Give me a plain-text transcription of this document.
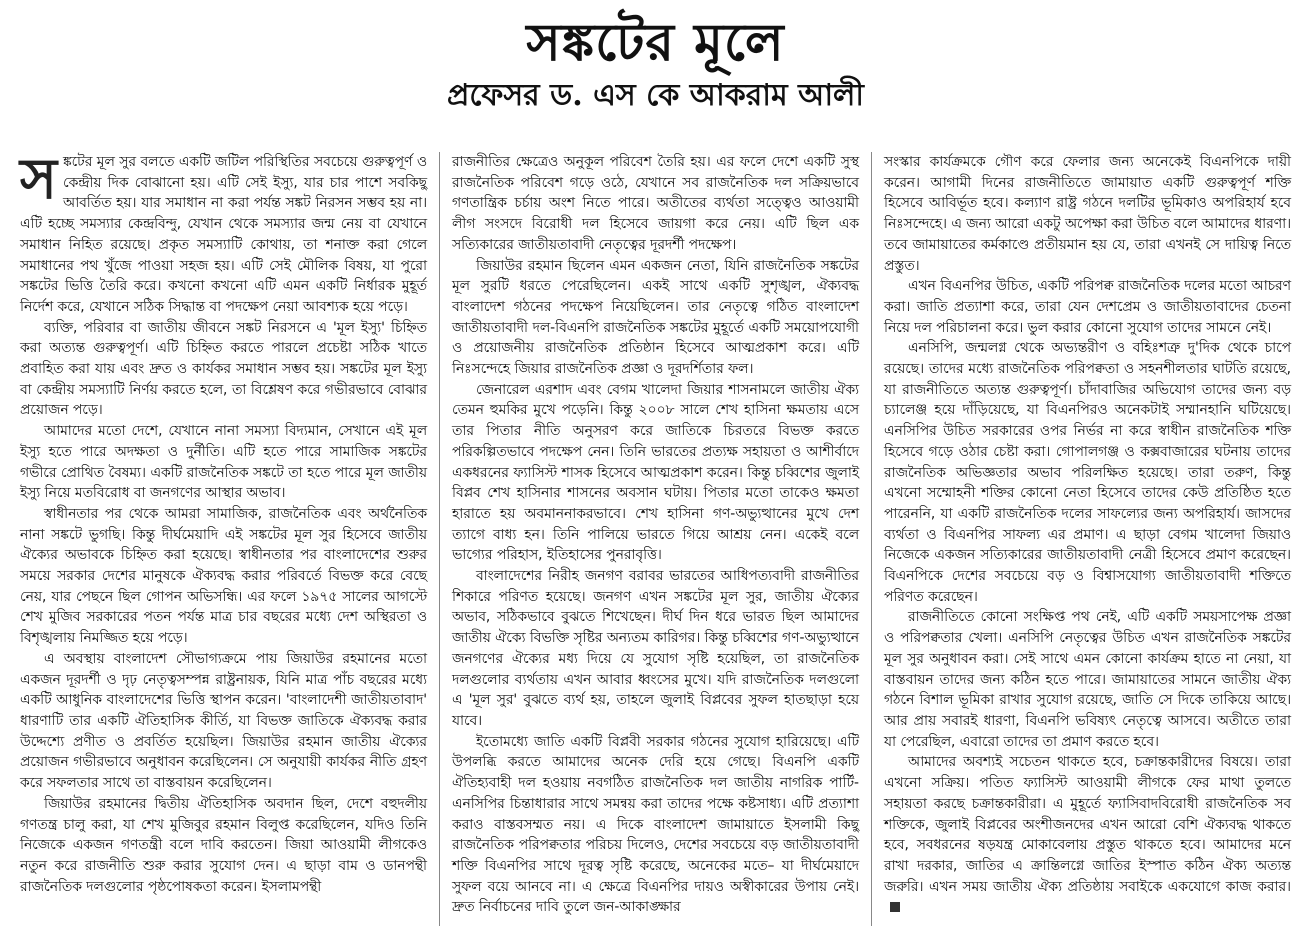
সঙ্কটের মূলে
প্রফেসর ড. এস কে আকরাম আলী
স ঙ্কটের মূল সুর বলতে একটি জটিল পরিস্থিতির সবচেয়ে গুরুত্বপূর্ণ ও কেন্দ্রীয় দিক বোঝানো হয়। এটি সেই ইস্যু, যার চার পাশে সবকিছু আবর্তিত হয়। যার সমাধান না করা পর্যন্ত সঙ্কট নিরসন সম্ভব হয় না। এটি হচ্ছে সমস্যার কেন্দ্রবিন্দু, যেখান থেকে সমস্যার জন্ম নেয় বা যেখানে সমাধান নিহিত রয়েছে। প্রকৃত সমস্যাটি কোথায়, তা শনাক্ত করা গেলে সমাধানের পথ খুঁজে পাওয়া সহজ হয়। এটি সেই মৌলিক বিষয়, যা পুরো সঙ্কটের ভিত্তি তৈরি করে। কখনো কখনো এটি এমন একটি নির্ধারক মুহূর্ত নির্দেশ করে, যেখানে সঠিক সিদ্ধান্ত বা পদক্ষেপ নেয়া আবশ্যক হয়ে পড়ে।

ব্যক্তি, পরিবার বা জাতীয় জীবনে সঙ্কট নিরসনে এ 'মূল ইস্যু' চিহ্নিত করা অত্যন্ত গুরুত্বপূর্ণ। এটি চিহ্নিত করতে পারলে প্রচেষ্টা সঠিক খাতে প্রবাহিত করা যায় এবং দ্রুত ও কার্যকর সমাধান সম্ভব হয়। সঙ্কটের মূল ইস্যু বা কেন্দ্রীয় সমস্যাটি নির্ণয় করতে হলে, তা বিশ্লেষণ করে গভীরভাবে বোঝার প্রয়োজন পড়ে।

আমাদের মতো দেশে, যেখানে নানা সমস্যা বিদ্যমান, সেখানে এই মূল ইস্যু হতে পারে অদক্ষতা ও দুর্নীতি। এটি হতে পারে সামাজিক সঙ্কটের গভীরে প্রোথিত বৈষম্য। একটি রাজনৈতিক সঙ্কটে তা হতে পারে মূল জাতীয় ইস্যু নিয়ে মতবিরোধ বা জনগণের আস্থার অভাব।

স্বাধীনতার পর থেকে আমরা সামাজিক, রাজনৈতিক এবং অর্থনৈতিক নানা সঙ্কটে ভুগছি। কিন্তু দীর্ঘমেয়াদি এই সঙ্কটের মূল সুর হিসেবে জাতীয় ঐক্যের অভাবকে চিহ্নিত করা হয়েছে। স্বাধীনতার পর বাংলাদেশের শুরুর সময়ে সরকার দেশের মানুষকে ঐক্যবদ্ধ করার পরিবর্তে বিভক্ত করে বেছে নেয়, যার পেছনে ছিল গোপন অভিসন্ধি। এর ফলে ১৯৭৫ সালের আগস্টে শেখ মুজিব সরকারের পতন পর্যন্ত মাত্র চার বছরের মধ্যে দেশ অস্থিরতা ও বিশৃঙ্খলায় নিমজ্জিত হয়ে পড়ে।

এ অবস্থায় বাংলাদেশ সৌভাগ্যক্রমে পায় জিয়াউর রহমানের মতো একজন দূরদর্শী ও দৃঢ় নেতৃত্বসম্পন্ন রাষ্ট্রনায়ক, যিনি মাত্র পাঁচ বছরের মধ্যে একটি আধুনিক বাংলাদেশের ভিত্তি স্থাপন করেন। 'বাংলাদেশী জাতীয়তাবাদ' ধারণাটি তার একটি ঐতিহাসিক কীর্তি, যা বিভক্ত জাতিকে ঐক্যবদ্ধ করার উদ্দেশ্যে প্রণীত ও প্রবর্তিত হয়েছিল। জিয়াউর রহমান জাতীয় ঐক্যের প্রয়োজন গভীরভাবে অনুধাবন করেছিলেন। সে অনুযায়ী কার্যকর নীতি গ্রহণ করে সফলতার সাথে তা বাস্তবায়ন করেছিলেন।

জিয়াউর রহমানের দ্বিতীয় ঐতিহাসিক অবদান ছিল, দেশে বহুদলীয় গণতন্ত্র চালু করা, যা শেখ মুজিবুর রহমান বিলুপ্ত করেছিলেন, যদিও তিনি নিজেকে একজন গণতন্ত্রী বলে দাবি করতেন। জিয়া আওয়ামী লীগকেও নতুন করে রাজনীতি শুরু করার সুযোগ দেন। এ ছাড়া বাম ও ডানপন্থী রাজনৈতিক দলগুলোর পৃষ্ঠপোষকতা করেন। ইসলামপন্থী

রাজনীতির ক্ষেত্রেও অনুকূল পরিবেশ তৈরি হয়। এর ফলে দেশে একটি সুস্থ রাজনৈতিক পরিবেশ গড়ে ওঠে, যেখানে সব রাজনৈতিক দল সক্রিয়ভাবে গণতান্ত্রিক চর্চায় অংশ নিতে পারে। অতীতের ব্যর্থতা সত্ত্বেও আওয়ামী লীগ সংসদে বিরোধী দল হিসেবে জায়গা করে নেয়। এটি ছিল এক সত্যিকারের জাতীয়তাবাদী নেতৃত্বের দূরদর্শী পদক্ষেপ।

জিয়াউর রহমান ছিলেন এমন একজন নেতা, যিনি রাজনৈতিক সঙ্কটের মূল সুরটি ধরতে পেরেছিলেন। একই সাথে একটি সুশৃঙ্খল, ঐক্যবদ্ধ বাংলাদেশ গঠনের পদক্ষেপ নিয়েছিলেন। তার নেতৃত্বে গঠিত বাংলাদেশ জাতীয়তাবাদী দল-বিএনপি রাজনৈতিক সঙ্কটের মুহূর্তে একটি সময়োপযোগী ও প্রয়োজনীয় রাজনৈতিক প্রতিষ্ঠান হিসেবে আত্মপ্রকাশ করে। এটি নিঃসন্দেহে জিয়ার রাজনৈতিক প্রজ্ঞা ও দূরদর্শিতার ফল।

জেনারেল এরশাদ এবং বেগম খালেদা জিয়ার শাসনামলে জাতীয় ঐক্য তেমন হুমকির মুখে পড়েনি। কিন্তু ২০০৮ সালে শেখ হাসিনা ক্ষমতায় এসে তার পিতার নীতি অনুসরণ করে জাতিকে চিরতরে বিভক্ত করতে পরিকল্পিতভাবে পদক্ষেপ নেন। তিনি ভারতের প্রত্যক্ষ সহায়তা ও আশীর্বাদে একধরনের ফ্যাসিস্ট শাসক হিসেবে আত্মপ্রকাশ করেন। কিন্তু চব্বিশের জুলাই বিপ্লব শেখ হাসিনার শাসনের অবসান ঘটায়। পিতার মতো তাকেও ক্ষমতা হারাতে হয় অবমাননাকরভাবে। শেখ হাসিনা গণ-অভ্যুত্থানের মুখে দেশ ত্যাগে বাধ্য হন। তিনি পালিয়ে ভারতে গিয়ে আশ্রয় নেন। একেই বলে ভাগ্যের পরিহাস, ইতিহাসের পুনরাবৃত্তি।

বাংলাদেশের নিরীহ জনগণ বরাবর ভারতের আধিপত্যবাদী রাজনীতির শিকারে পরিণত হয়েছে। জনগণ এখন সঙ্কটের মূল সুর, জাতীয় ঐক্যের অভাব, সঠিকভাবে বুঝতে শিখেছেন। দীর্ঘ দিন ধরে ভারত ছিল আমাদের জাতীয় ঐক্যে বিভক্তি সৃষ্টির অন্যতম কারিগর। কিন্তু চব্বিশের গণ-অভ্যুত্থানে জনগণের ঐক্যের মধ্য দিয়ে যে সুযোগ সৃষ্টি হয়েছিল, তা রাজনৈতিক দলগুলোর ব্যর্থতায় এখন আবার ধ্বংসের মুখে। যদি রাজনৈতিক দলগুলো এ 'মূল সুর' বুঝতে ব্যর্থ হয়, তাহলে জুলাই বিপ্লবের সুফল হাতছাড়া হয়ে যাবে।

ইতোমধ্যে জাতি একটি বিপ্লবী সরকার গঠনের সুযোগ হারিয়েছে। এটি উপলব্ধি করতে আমাদের অনেক দেরি হয়ে গেছে। বিএনপি একটি ঐতিহ্যবাহী দল হওয়ায় নবগঠিত রাজনৈতিক দল জাতীয় নাগরিক পার্টি-এনসিপির চিন্তাধারার সাথে সমন্বয় করা তাদের পক্ষে কষ্টসাধ্য। এটি প্রত্যাশা করাও বাস্তবসম্মত নয়। এ দিকে বাংলাদেশ জামায়াতে ইসলামী কিছু রাজনৈতিক পরিপক্বতার পরিচয় দিলেও, দেশের সবচেয়ে বড় জাতীয়তাবাদী শক্তি বিএনপির সাথে দূরত্ব সৃষ্টি করেছে, অনেকের মতে– যা দীর্ঘমেয়াদে সুফল বয়ে আনবে না। এ ক্ষেত্রে বিএনপির দায়ও অস্বীকারের উপায় নেই। দ্রুত নির্বাচনের দাবি তুলে জন-আকাঙ্ক্ষার

সংস্কার কার্যক্রমকে গৌণ করে ফেলার জন্য অনেকেই বিএনপিকে দায়ী করেন। আগামী দিনের রাজনীতিতে জামায়াত একটি গুরুত্বপূর্ণ শক্তি হিসেবে আবির্ভূত হবে। কল্যাণ রাষ্ট্র গঠনে দলটির ভূমিকাও অপরিহার্য হবে নিঃসন্দেহে। এ জন্য আরো একটু অপেক্ষা করা উচিত বলে আমাদের ধারণা। তবে জামায়াতের কর্মকাণ্ডে প্রতীয়মান হয় যে, তারা এখনই সে দায়িত্ব নিতে প্রস্তুত।

এখন বিএনপির উচিত, একটি পরিপক্ব রাজনৈতিক দলের মতো আচরণ করা। জাতি প্রত্যাশা করে, তারা যেন দেশপ্রেম ও জাতীয়তাবাদের চেতনা নিয়ে দল পরিচালনা করে। ভুল করার কোনো সুযোগ তাদের সামনে নেই।

এনসিপি, জন্মলগ্ন থেকে অভ্যন্তরীণ ও বহিঃশত্রু দু'দিক থেকে চাপে রয়েছে। তাদের মধ্যে রাজনৈতিক পরিপক্বতা ও সহনশীলতার ঘাটতি রয়েছে, যা রাজনীতিতে অত্যন্ত গুরুত্বপূর্ণ। চাঁদাবাজির অভিযোগ তাদের জন্য বড় চ্যালেঞ্জ হয়ে দাঁড়িয়েছে, যা বিএনপিরও অনেকটাই সম্মানহানি ঘটিয়েছে। এনসিপির উচিত সরকারের ওপর নির্ভর না করে স্বাধীন রাজনৈতিক শক্তি হিসেবে গড়ে ওঠার চেষ্টা করা। গোপালগঞ্জ ও কক্সবাজারের ঘটনায় তাদের রাজনৈতিক অভিজ্ঞতার অভাব পরিলক্ষিত হয়েছে। তারা তরুণ, কিন্তু এখনো সম্মোহনী শক্তির কোনো নেতা হিসেবে তাদের কেউ প্রতিষ্ঠিত হতে পারেননি, যা একটি রাজনৈতিক দলের সাফল্যের জন্য অপরিহার্য। জাসদের ব্যর্থতা ও বিএনপির সাফল্য এর প্রমাণ। এ ছাড়া বেগম খালেদা জিয়াও নিজেকে একজন সত্যিকারের জাতীয়তাবাদী নেত্রী হিসেবে প্রমাণ করেছেন। বিএনপিকে দেশের সবচেয়ে বড় ও বিশ্বাসযোগ্য জাতীয়তাবাদী শক্তিতে পরিণত করেছেন।

রাজনীতিতে কোনো সংক্ষিপ্ত পথ নেই, এটি একটি সময়সাপেক্ষ প্রজ্ঞা ও পরিপক্বতার খেলা। এনসিপি নেতৃত্বের উচিত এখন রাজনৈতিক সঙ্কটের মূল সুর অনুধাবন করা। সেই সাথে এমন কোনো কার্যক্রম হাতে না নেয়া, যা বাস্তবায়ন তাদের জন্য কঠিন হতে পারে। জামায়াতের সামনে জাতীয় ঐক্য গঠনে বিশাল ভূমিকা রাখার সুযোগ রয়েছে, জাতি সে দিকে তাকিয়ে আছে। আর প্রায় সবারই ধারণা, বিএনপি ভবিষ্যৎ নেতৃত্বে আসবে। অতীতে তারা যা পেরেছিল, এবারো তাদের তা প্রমাণ করতে হবে।

আমাদের অবশ্যই সচেতন থাকতে হবে, চক্রান্তকারীদের বিষয়ে। তারা এখনো সক্রিয়। পতিত ফ্যাসিস্ট আওয়ামী লীগকে ফের মাথা তুলতে সহায়তা করছে চক্রান্তকারীরা। এ মুহূর্তে ফ্যাসিবাদবিরোধী রাজনৈতিক সব শক্তিকে, জুলাই বিপ্লবের অংশীজনদের এখন আরো বেশি ঐক্যবদ্ধ থাকতে হবে, সবধরনের ষড়যন্ত্র মোকাবেলায় প্রস্তুত থাকতে হবে। আমাদের মনে রাখা দরকার, জাতির এ ক্রান্তিলগ্নে জাতির ইস্পাত কঠিন ঐক্য অত্যন্ত জরুরি। এখন সময় জাতীয় ঐক্য প্রতিষ্ঠায় সবাইকে একযোগে কাজ করার।
